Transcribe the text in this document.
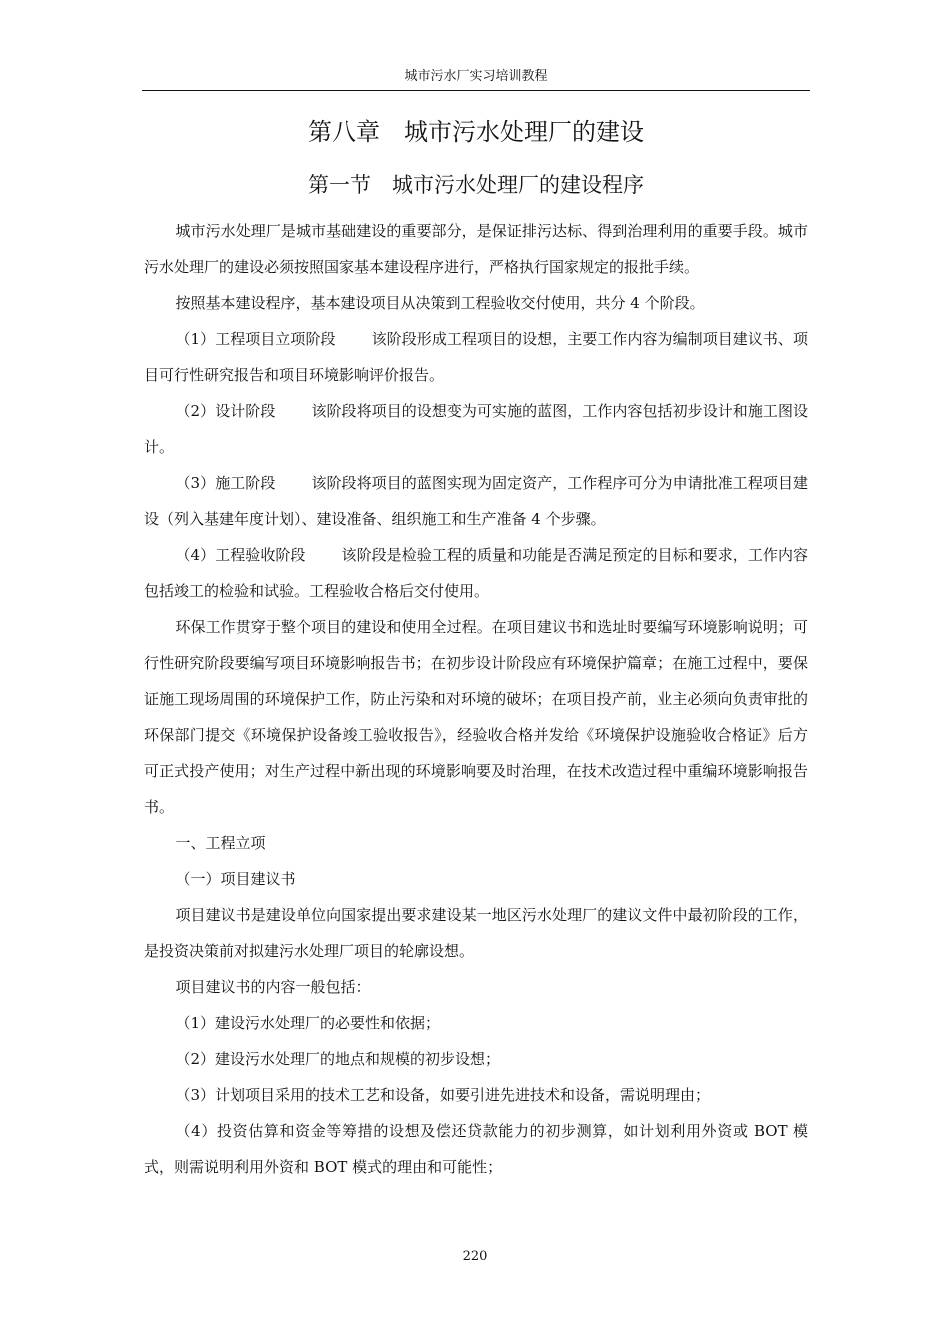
城市污水厂实习培训教程
第八章　城市污水处理厂的建设
第一节　城市污水处理厂的建设程序

城市污水处理厂是城市基础建设的重要部分，是保证排污达标、得到治理利用的重要手段。城市污水处理厂的建设必须按照国家基本建设程序进行，严格执行国家规定的报批手续。

按照基本建设程序，基本建设项目从决策到工程验收交付使用，共分 4 个阶段。

（1）工程项目立项阶段 该阶段形成工程项目的设想，主要工作内容为编制项目建议书、项目可行性研究报告和项目环境影响评价报告。

（2）设计阶段 该阶段将项目的设想变为可实施的蓝图，工作内容包括初步设计和施工图设计。

（3）施工阶段 该阶段将项目的蓝图实现为固定资产，工作程序可分为申请批准工程项目建设（列入基建年度计划）、建设准备、组织施工和生产准备 4 个步骤。

（4）工程验收阶段 该阶段是检验工程的质量和功能是否满足预定的目标和要求，工作内容包括竣工的检验和试验。工程验收合格后交付使用。

环保工作贯穿于整个项目的建设和使用全过程。在项目建议书和选址时要编写环境影响说明；可行性研究阶段要编写项目环境影响报告书；在初步设计阶段应有环境保护篇章；在施工过程中，要保证施工现场周围的环境保护工作，防止污染和对环境的破坏；在项目投产前，业主必须向负责审批的环保部门提交《环境保护设备竣工验收报告》，经验收合格并发给《环境保护设施验收合格证》后方可正式投产使用；对生产过程中新出现的环境影响要及时治理，在技术改造过程中重编环境影响报告书。

一、工程立项

（一）项目建议书

项目建议书是建设单位向国家提出要求建设某一地区污水处理厂的建议文件中最初阶段的工作，是投资决策前对拟建污水处理厂项目的轮廓设想。

项目建议书的内容一般包括：

（1）建设污水处理厂的必要性和依据；

（2）建设污水处理厂的地点和规模的初步设想；

（3）计划项目采用的技术工艺和设备，如要引进先进技术和设备，需说明理由；

（4）投资估算和资金等筹措的设想及偿还贷款能力的初步测算，如计划利用外资或 BOT 模式，则需说明利用外资和 BOT 模式的理由和可能性；

220
